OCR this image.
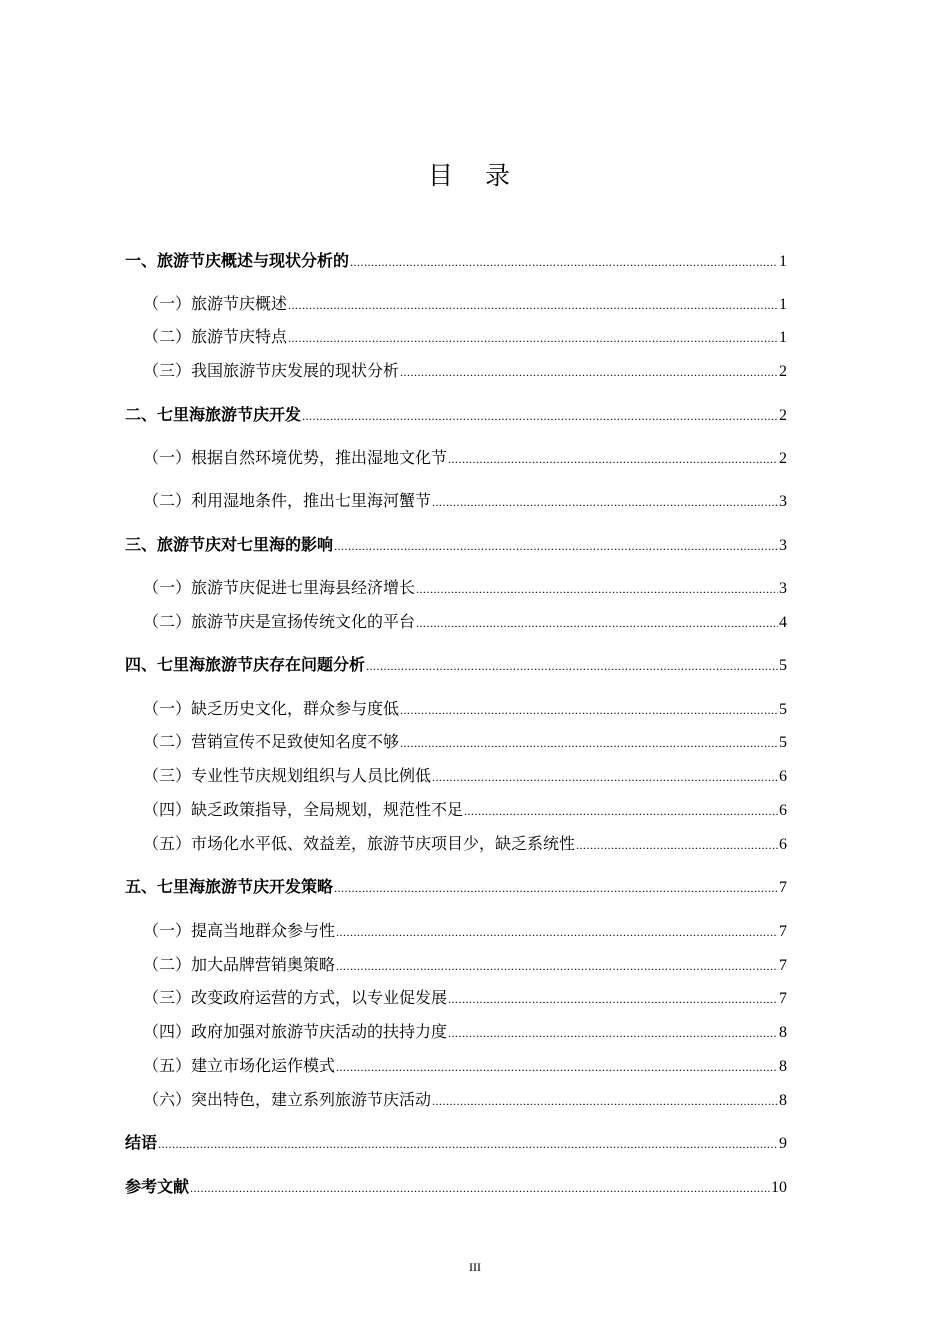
目 录
一、旅游节庆概述与现状分析的 .....	1
（一）旅游节庆概述 .....	1
（二）旅游节庆特点 .....	1
（三）我国旅游节庆发展的现状分析 .....	2
二、七里海旅游节庆开发 .....	2
（一）根据自然环境优势，推出湿地文化节 .....	2
（二）利用湿地条件，推出七里海河蟹节 .....	3
三、旅游节庆对七里海的影响 .....	3
（一）旅游节庆促进七里海县经济增长 .....	3
（二）旅游节庆是宣扬传统文化的平台 .....	4
四、七里海旅游节庆存在问题分析 .....	5
（一）缺乏历史文化，群众参与度低 .....	5
（二）营销宣传不足致使知名度不够 .....	5
（三）专业性节庆规划组织与人员比例低 .....	6
（四）缺乏政策指导，全局规划，规范性不足 .....	6
（五）市场化水平低、效益差，旅游节庆项目少，缺乏系统性 .....	6
五、七里海旅游节庆开发策略 .....	7
（一）提高当地群众参与性 .....	7
（二）加大品牌营销奥策略 .....	7
（三）改变政府运营的方式，以专业促发展 .....	7
（四）政府加强对旅游节庆活动的扶持力度 .....	8
（五）建立市场化运作模式 .....	8
（六）突出特色，建立系列旅游节庆活动 .....	8
结语 .....	9
参考文献 .....	10
III
